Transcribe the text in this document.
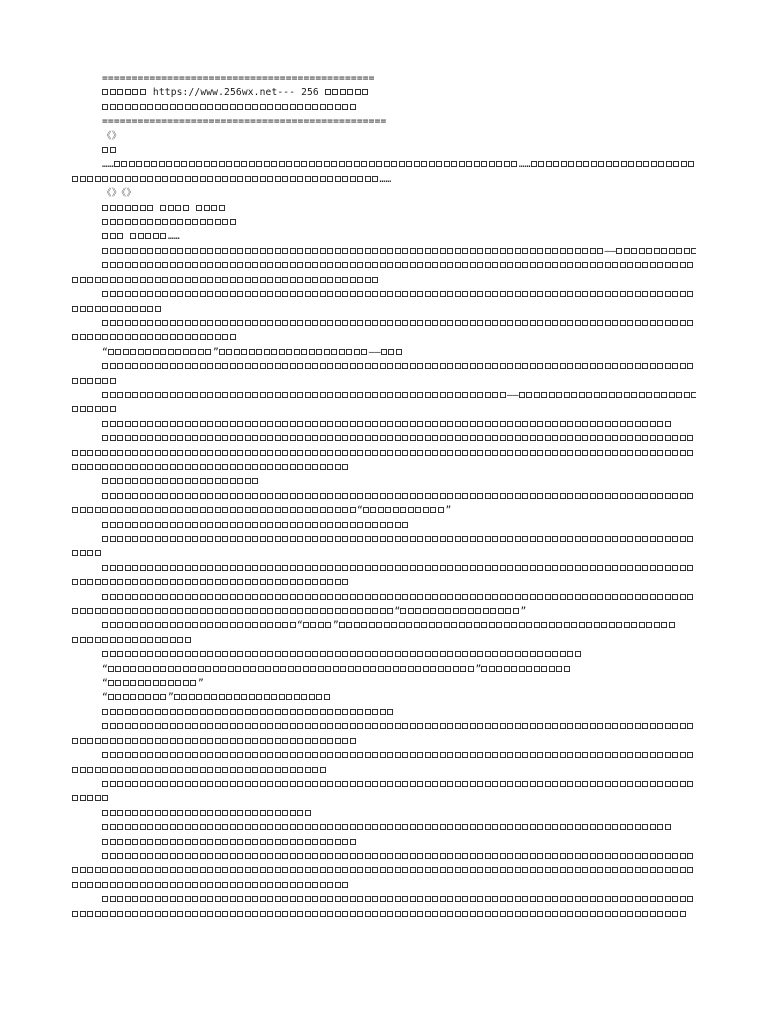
==============================================
https://www.256wx.net--- 256
================================================
《》
……	……
……
《》《》

……
——
“	”	——
——
“	”
“	”
“	”
“	”
“	”
“	”
